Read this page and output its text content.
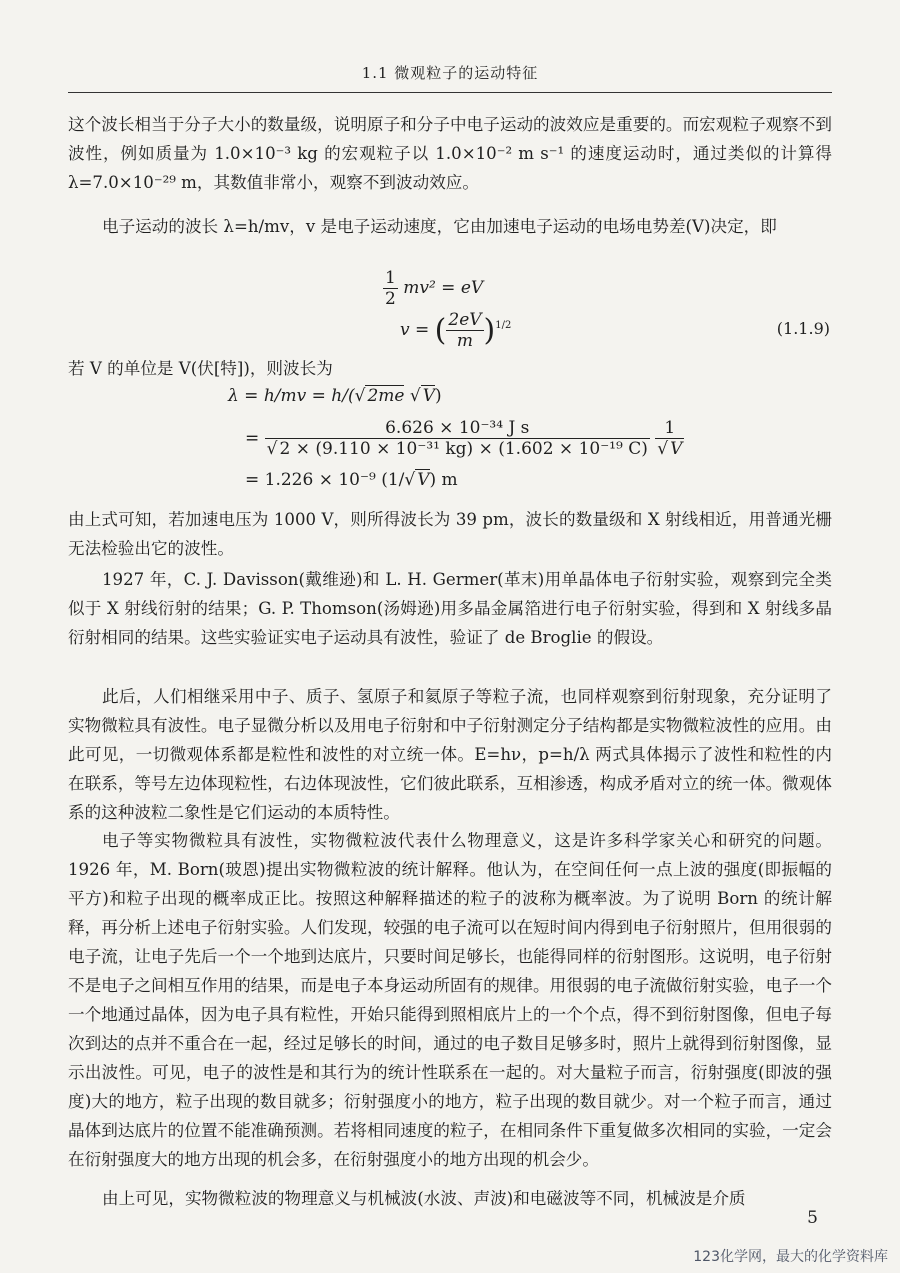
1.1 微观粒子的运动特征

这个波长相当于分子大小的数量级，说明原子和分子中电子运动的波效应是重要的。而宏观粒子观察不到波性，例如质量为 1.0×10⁻³ kg 的宏观粒子以 1.0×10⁻² m s⁻¹ 的速度运动时，通过类似的计算得 λ=7.0×10⁻²⁹ m，其数值非常小，观察不到波动效应。

电子运动的波长 λ=h/mv，v 是电子运动速度，它由加速电子运动的电场电势差(V)决定，即

$\frac{1}{2} mv^2$ = eV
v = ( $\frac{2eV}{m} )^{1/2}$	(1.1.9)

若 V 的单位是 V(伏[特])，则波长为

λ = h/mv = h/(√ 2me √ V)
= $\frac{\text{6.626 × 10⁻³⁴ J s}}{\text{√ 2 × (9.110 × 10⁻³¹ kg) × (1.602 × 10⁻¹⁹ C)}}$
$\frac{1}{√ V}$
= 1.226 × 10⁻⁹ (1/√ V) m

由上式可知，若加速电压为 1000 V，则所得波长为 39 pm，波长的数量级和 X 射线相近，用普通光栅无法检验出它的波性。

1927 年，C. J. Davisson(戴维逊)和 L. H. Germer(革末)用单晶体电子衍射实验，观察到完全类似于 X 射线衍射的结果；G. P. Thomson(汤姆逊)用多晶金属箔进行电子衍射实验，得到和 X 射线多晶衍射相同的结果。这些实验证实电子运动具有波性，验证了 de Broglie 的假设。

此后，人们相继采用中子、质子、氢原子和氦原子等粒子流，也同样观察到衍射现象，充分证明了实物微粒具有波性。电子显微分析以及用电子衍射和中子衍射测定分子结构都是实物微粒波性的应用。由此可见，一切微观体系都是粒性和波性的对立统一体。E=hν，p=h/λ 两式具体揭示了波性和粒性的内在联系，等号左边体现粒性，右边体现波性，它们彼此联系，互相渗透，构成矛盾对立的统一体。微观体系的这种波粒二象性是它们运动的本质特性。

电子等实物微粒具有波性，实物微粒波代表什么物理意义，这是许多科学家关心和研究的问题。1926 年，M. Born(玻恩)提出实物微粒波的统计解释。他认为，在空间任何一点上波的强度(即振幅的平方)和粒子出现的概率成正比。按照这种解释描述的粒子的波称为概率波。为了说明 Born 的统计解释，再分析上述电子衍射实验。人们发现，较强的电子流可以在短时间内得到电子衍射照片，但用很弱的电子流，让电子先后一个一个地到达底片，只要时间足够长，也能得同样的衍射图形。这说明，电子衍射不是电子之间相互作用的结果，而是电子本身运动所固有的规律。用很弱的电子流做衍射实验，电子一个一个地通过晶体，因为电子具有粒性，开始只能得到照相底片上的一个个点，得不到衍射图像，但电子每次到达的点并不重合在一起，经过足够长的时间，通过的电子数目足够多时，照片上就得到衍射图像，显示出波性。可见，电子的波性是和其行为的统计性联系在一起的。对大量粒子而言，衍射强度(即波的强度)大的地方，粒子出现的数目就多；衍射强度小的地方，粒子出现的数目就少。对一个粒子而言，通过晶体到达底片的位置不能准确预测。若将相同速度的粒子，在相同条件下重复做多次相同的实验，一定会在衍射强度大的地方出现的机会多，在衍射强度小的地方出现的机会少。

由上可见，实物微粒波的物理意义与机械波(水波、声波)和电磁波等不同，机械波是介质

5
123化学网，最大的化学资料库
